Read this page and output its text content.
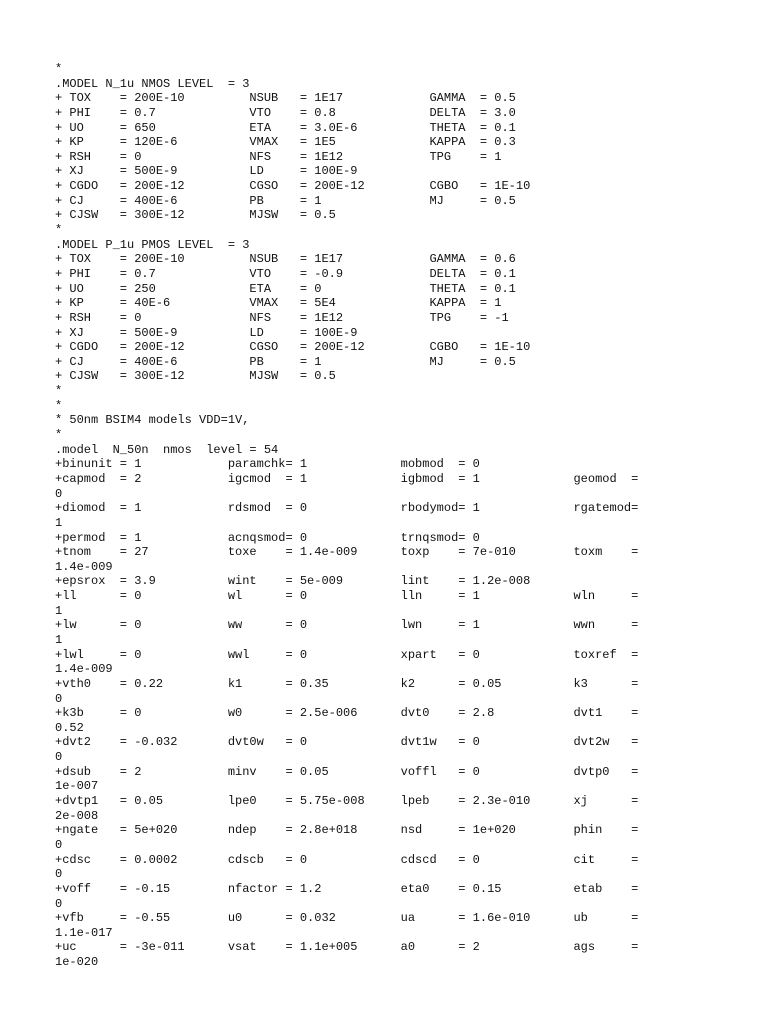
*
.MODEL N_1u NMOS LEVEL  = 3
+ TOX    = 200E-10         NSUB   = 1E17            GAMMA  = 0.5
+ PHI    = 0.7             VTO    = 0.8             DELTA  = 3.0
+ UO     = 650             ETA    = 3.0E-6          THETA  = 0.1
+ KP     = 120E-6          VMAX   = 1E5             KAPPA  = 0.3
+ RSH    = 0               NFS    = 1E12            TPG    = 1
+ XJ     = 500E-9          LD     = 100E-9
+ CGDO   = 200E-12         CGSO   = 200E-12         CGBO   = 1E-10
+ CJ     = 400E-6          PB     = 1               MJ     = 0.5
+ CJSW   = 300E-12         MJSW   = 0.5
*
.MODEL P_1u PMOS LEVEL  = 3
+ TOX    = 200E-10         NSUB   = 1E17            GAMMA  = 0.6
+ PHI    = 0.7             VTO    = -0.9            DELTA  = 0.1
+ UO     = 250             ETA    = 0               THETA  = 0.1
+ KP     = 40E-6           VMAX   = 5E4             KAPPA  = 1
+ RSH    = 0               NFS    = 1E12            TPG    = -1
+ XJ     = 500E-9          LD     = 100E-9
+ CGDO   = 200E-12         CGSO   = 200E-12         CGBO   = 1E-10
+ CJ     = 400E-6          PB     = 1               MJ     = 0.5
+ CJSW   = 300E-12         MJSW   = 0.5
*
*
* 50nm BSIM4 models VDD=1V,
*
.model  N_50n  nmos  level = 54
+binunit = 1            paramchk= 1             mobmod  = 0
+capmod  = 2            igcmod  = 1             igbmod  = 1             geomod  =
0
+diomod  = 1            rdsmod  = 0             rbodymod= 1             rgatemod=
1
+permod  = 1            acnqsmod= 0             trnqsmod= 0
+tnom    = 27           toxe    = 1.4e-009      toxp    = 7e-010        toxm    =
1.4e-009
+epsrox  = 3.9          wint    = 5e-009        lint    = 1.2e-008
+ll      = 0            wl      = 0             lln     = 1             wln     =
1
+lw      = 0            ww      = 0             lwn     = 1             wwn     =
1
+lwl     = 0            wwl     = 0             xpart   = 0             toxref  =
1.4e-009
+vth0    = 0.22         k1      = 0.35          k2      = 0.05          k3      =
0
+k3b     = 0            w0      = 2.5e-006      dvt0    = 2.8           dvt1    =
0.52
+dvt2    = -0.032       dvt0w   = 0             dvt1w   = 0             dvt2w   =
0
+dsub    = 2            minv    = 0.05          voffl   = 0             dvtp0   =
1e-007
+dvtp1   = 0.05         lpe0    = 5.75e-008     lpeb    = 2.3e-010      xj      =
2e-008
+ngate   = 5e+020       ndep    = 2.8e+018      nsd     = 1e+020        phin    =
0
+cdsc    = 0.0002       cdscb   = 0             cdscd   = 0             cit     =
0
+voff    = -0.15        nfactor = 1.2           eta0    = 0.15          etab    =
0
+vfb     = -0.55        u0      = 0.032         ua      = 1.6e-010      ub      =
1.1e-017
+uc      = -3e-011      vsat    = 1.1e+005      a0      = 2             ags     =
1e-020
